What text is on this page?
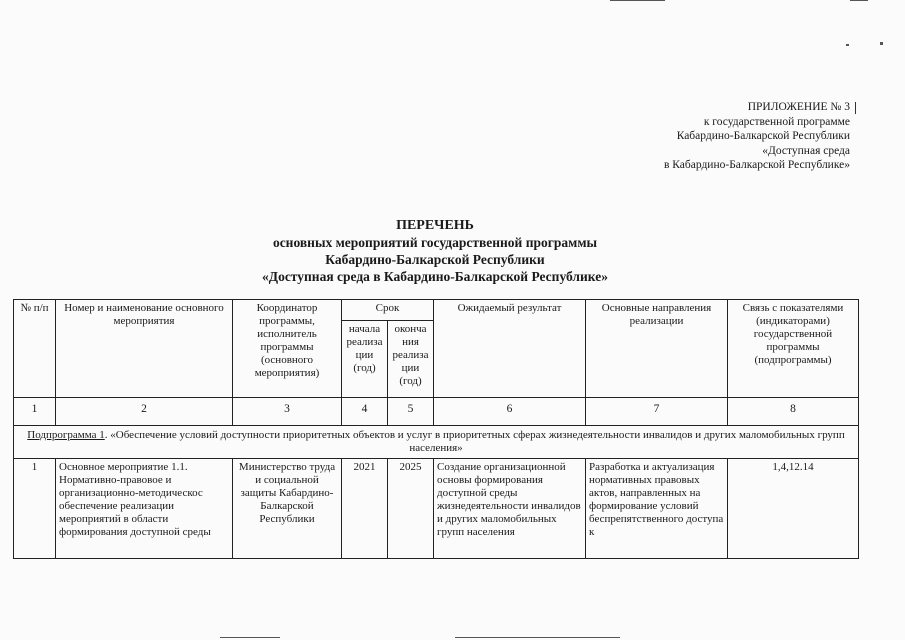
ПРИЛОЖЕНИЕ № 3
к государственной программе
Кабардино-Балкарской Республики
«Доступная среда
в Кабардино-Балкарской Республике»
ПЕРЕЧЕНЬ
основных мероприятий государственной программы
Кабардино-Балкарской Республики
«Доступная среда в Кабардино-Балкарской Республике»
№ п/п	Номер и наименование основного мероприятия	Координатор программы, исполнитель программы (основного мероприятия)	Срок		Ожидаемый результат	Основные направления реализации	Связь с показателями (индикаторами) государственной программы (подпрограммы)
			начала реализа ции (год)	оконча ния реализа ции (год)			
1	2	3	4	5	6	7	8
Подпрограмма 1. «Обеспечение условий доступности приоритетных объектов и услуг в приоритетных сферах жизнедеятельности инвалидов и других маломобильных групп населения»							
1	Основное мероприятие 1.1. Нормативно-правовое и организационно-методическос обеспечение реализации мероприятий в области формирования доступной среды	Министерство труда и социальной защиты Кабардино-Балкарской Республики	2021	2025	Создание организационной основы формирования доступной среды жизнедеятельности инвалидов и других маломобильных групп населения	Разработка и актуализация нормативных правовых актов, направленных на формирование условий беспрепятственного доступа к	1,4,12.14
